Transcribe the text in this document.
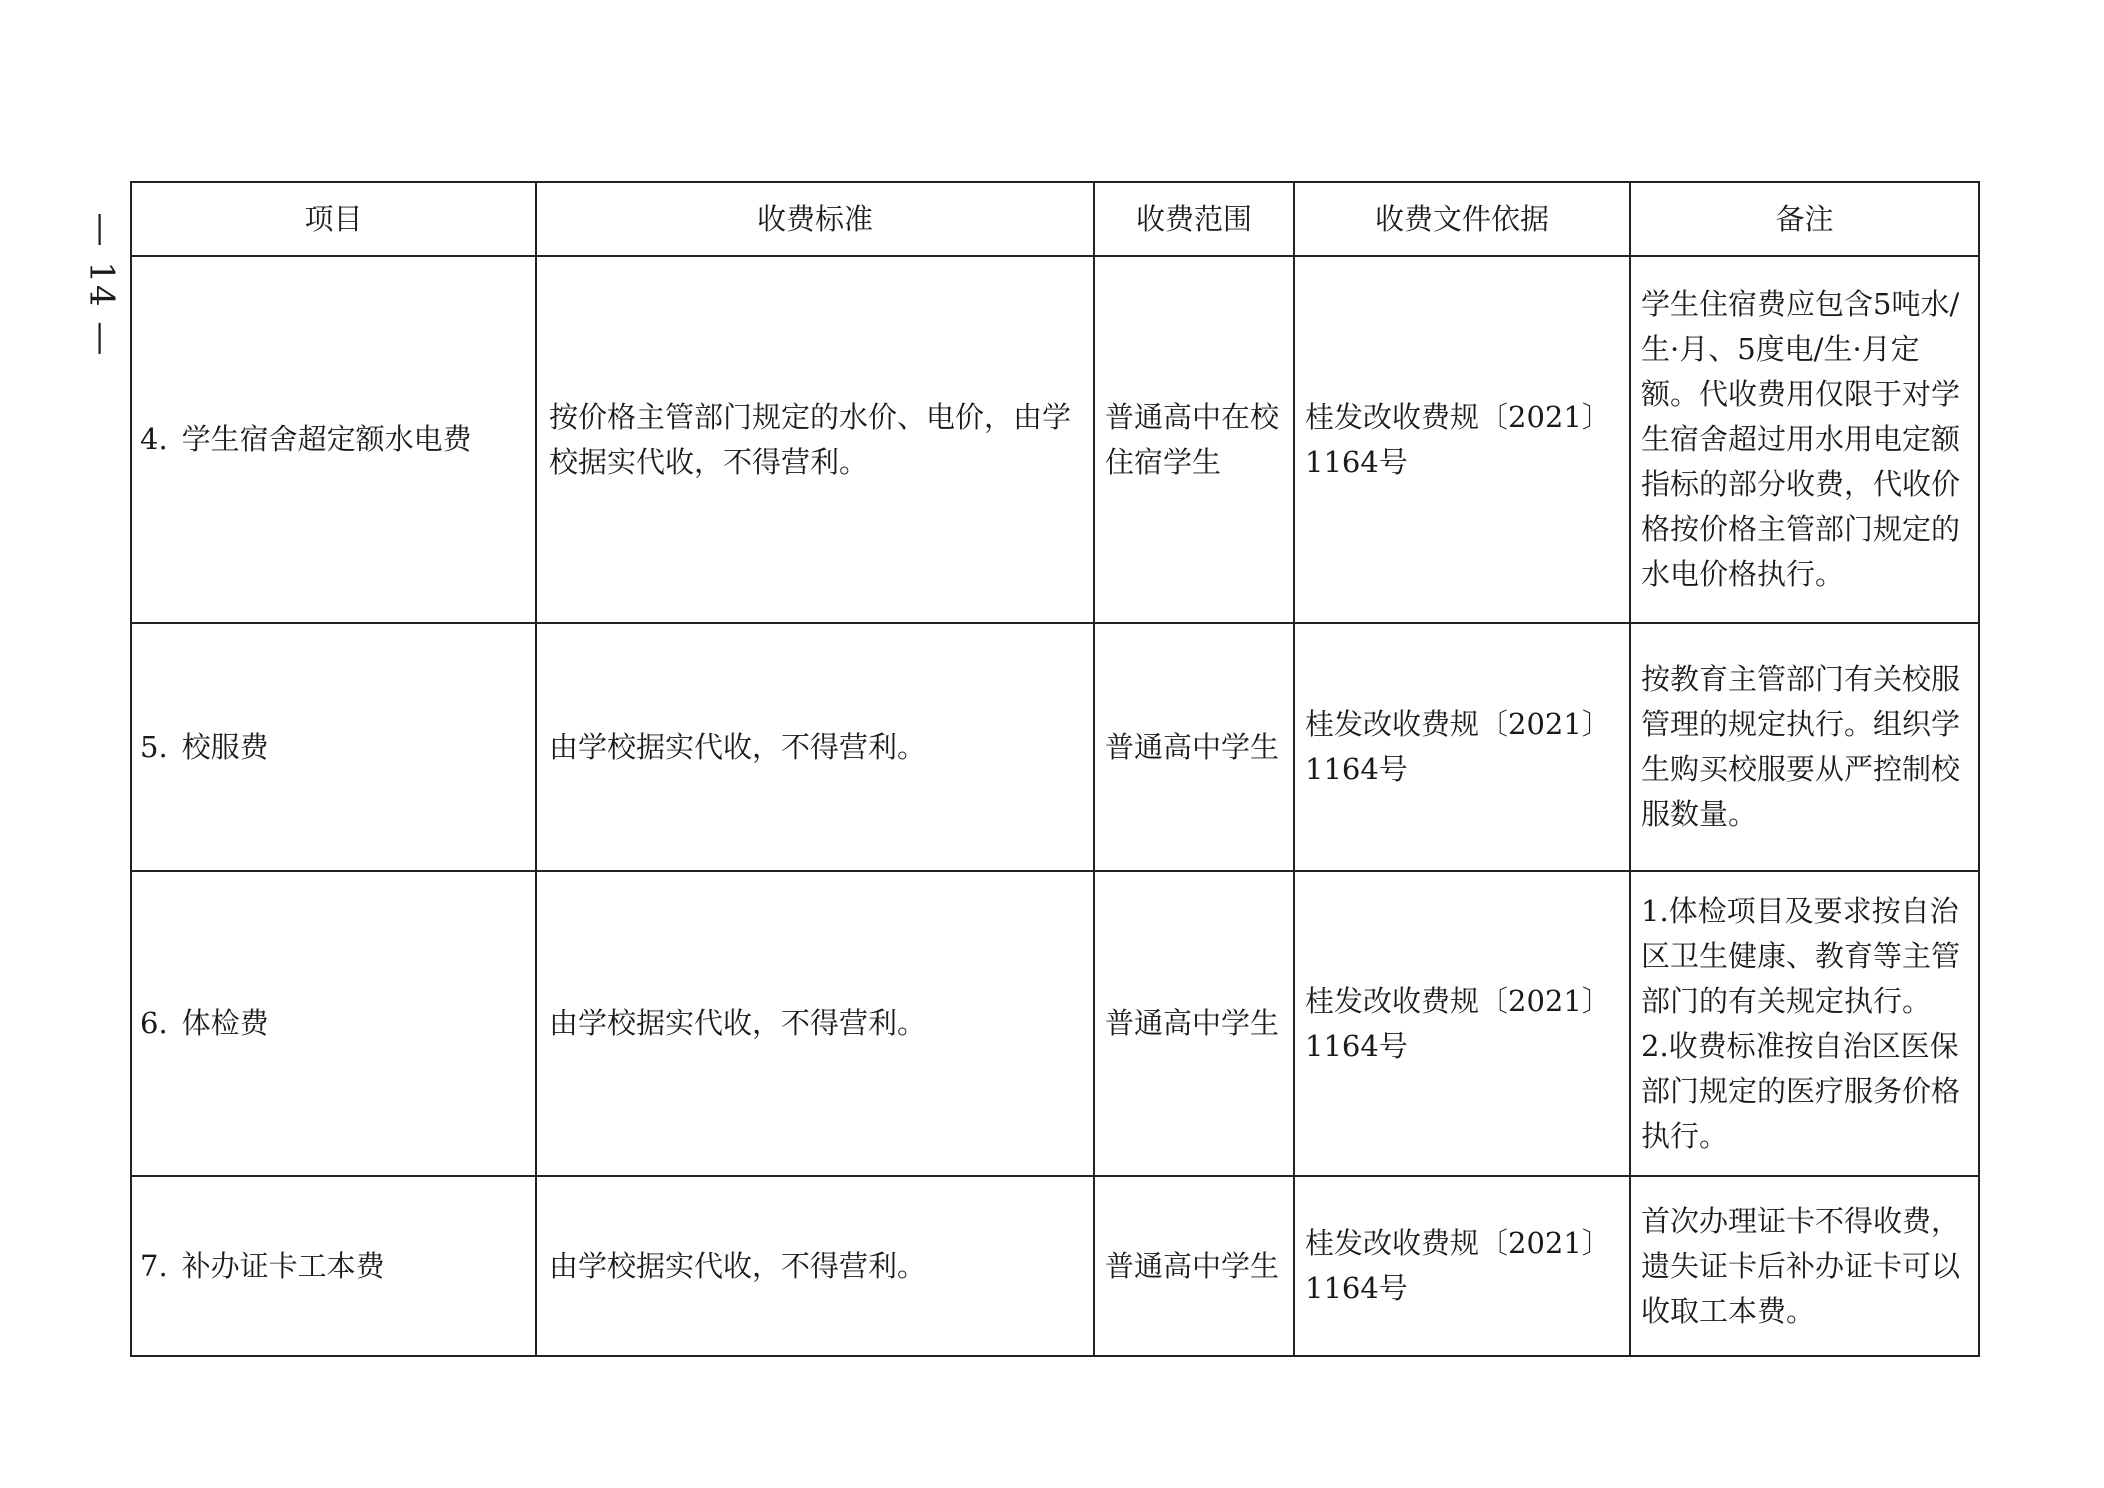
— 14 —	项目	收费标准	收费范围	收费文件依据	备注
4. 学生宿舍超定额水电费	按价格主管部门规定的水价、电价，由学校据实代收，不得营利。	普通高中在校住宿学生	桂发改收费规〔2021〕1164号	学生住宿费应包含5吨水/生·月、5度电/生·月定额。代收费用仅限于对学生宿舍超过用水用电定额指标的部分收费，代收价格按价格主管部门规定的水电价格执行。
5. 校服费	由学校据实代收，不得营利。	普通高中学生	桂发改收费规〔2021〕1164号	按教育主管部门有关校服管理的规定执行。组织学生购买校服要从严控制校服数量。
6. 体检费	由学校据实代收，不得营利。	普通高中学生	桂发改收费规〔2021〕1164号	1.体检项目及要求按自治区卫生健康、教育等主管部门的有关规定执行。
2.收费标准按自治区医保部门规定的医疗服务价格执行。

7. 补办证卡工本费	由学校据实代收，不得营利。	普通高中学生	桂发改收费规〔2021〕1164号	首次办理证卡不得收费，遗失证卡后补办证卡可以收取工本费。
